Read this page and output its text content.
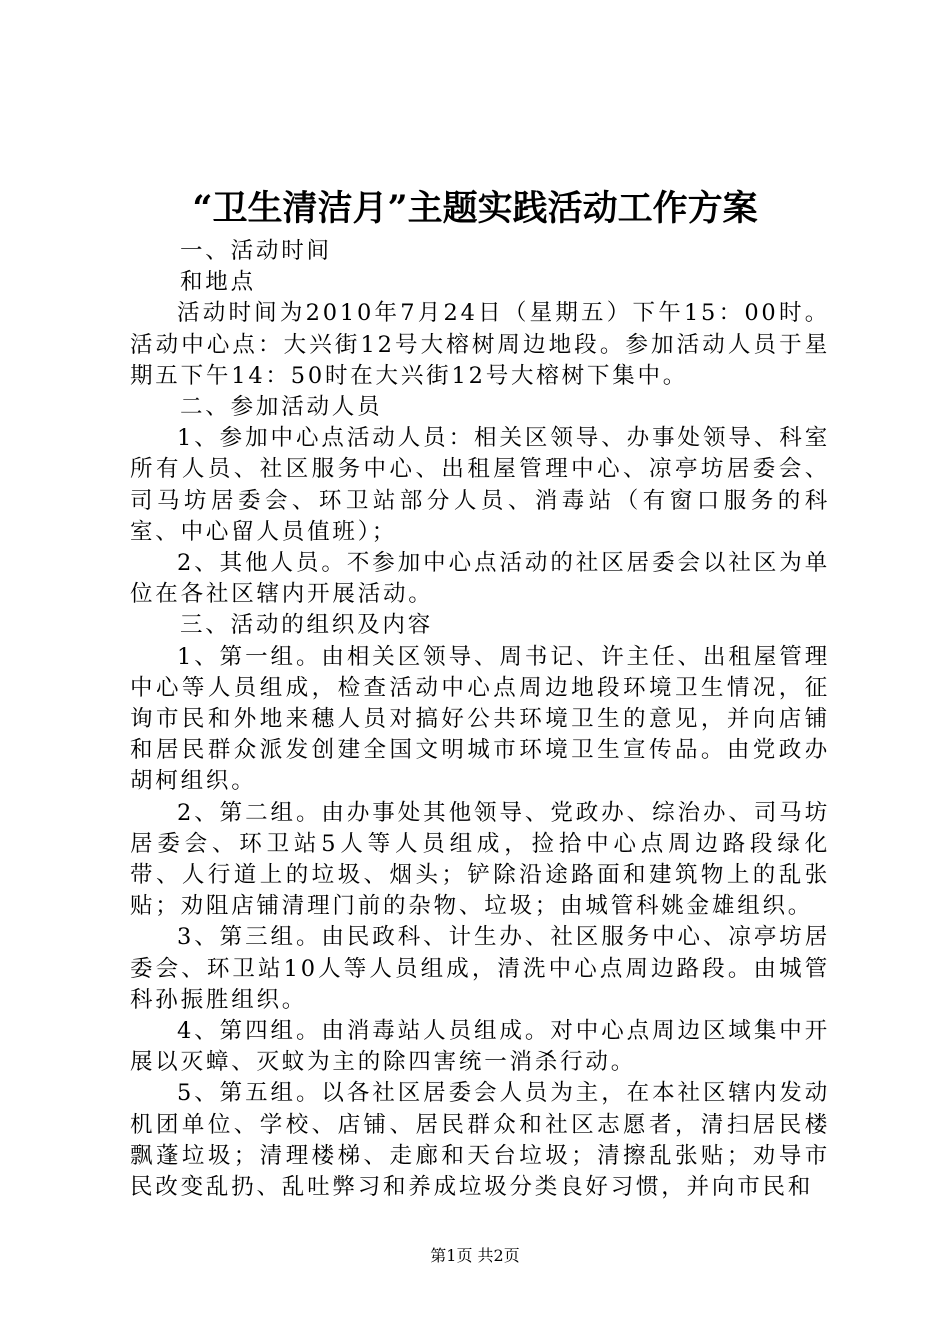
“卫生清洁月”主题实践活动工作方案

一、活动时间

和地点

活动时间为2010年7月24日（星期五）下午15：00时。活动中心点：大兴街12号大榕树周边地段。参加活动人员于星期五下午14：50时在大兴街12号大榕树下集中。

二、参加活动人员

1、参加中心点活动人员：相关区领导、办事处领导、科室所有人员、社区服务中心、出租屋管理中心、凉亭坊居委会、司马坊居委会、环卫站部分人员、消毒站（有窗口服务的科室、中心留人员值班）；

2、其他人员。不参加中心点活动的社区居委会以社区为单位在各社区辖内开展活动。

三、活动的组织及内容

1、第一组。由相关区领导、周书记、许主任、出租屋管理中心等人员组成，检查活动中心点周边地段环境卫生情况，征询市民和外地来穗人员对搞好公共环境卫生的意见，并向店铺和居民群众派发创建全国文明城市环境卫生宣传品。由党政办胡柯组织。

2、第二组。由办事处其他领导、党政办、综治办、司马坊居委会、环卫站5人等人员组成，捡拾中心点周边路段绿化带、人行道上的垃圾、烟头；铲除沿途路面和建筑物上的乱张贴；劝阻店铺清理门前的杂物、垃圾；由城管科姚金雄组织。

3、第三组。由民政科、计生办、社区服务中心、凉亭坊居委会、环卫站10人等人员组成，清洗中心点周边路段。由城管科孙振胜组织。

4、第四组。由消毒站人员组成。对中心点周边区域集中开展以灭蟑、灭蚊为主的除四害统一消杀行动。

5、第五组。以各社区居委会人员为主，在本社区辖内发动机团单位、学校、店铺、居民群众和社区志愿者，清扫居民楼飘蓬垃圾；清理楼梯、走廊和天台垃圾；清擦乱张贴；劝导市民改变乱扔、乱吐弊习和养成垃圾分类良好习惯，并向市民和

第1页 共2页
